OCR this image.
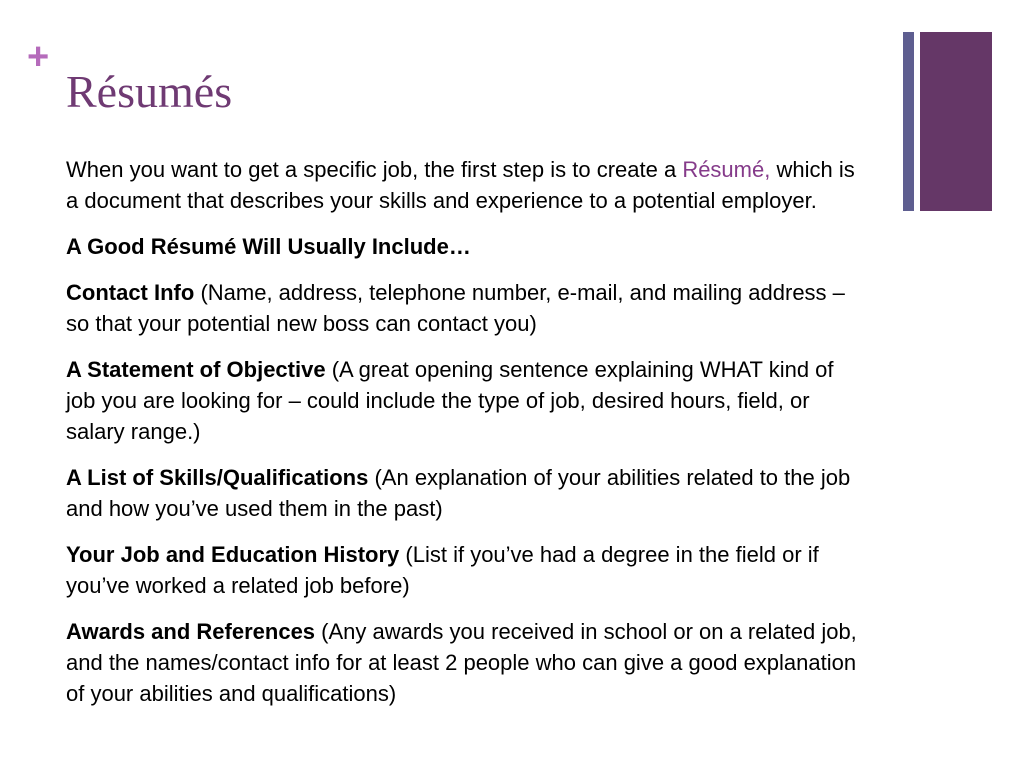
+
Résumés

When you want to get a specific job, the first step is to create a Résumé, which is a document that describes your skills and experience to a potential employer.

A Good Résumé Will Usually Include…

Contact Info (Name, address, telephone number, e-mail, and mailing address – so that your potential new boss can contact you)

A Statement of Objective (A great opening sentence explaining WHAT kind of job you are looking for – could include the type of job, desired hours, field, or salary range.)

A List of Skills/Qualifications (An explanation of your abilities related to the job and how you’ve used them in the past)

Your Job and Education History (List if you’ve had a degree in the field or if you’ve worked a related job before)

Awards and References (Any awards you received in school or on a related job, and the names/contact info for at least 2 people who can give a good explanation of your abilities and qualifications)
